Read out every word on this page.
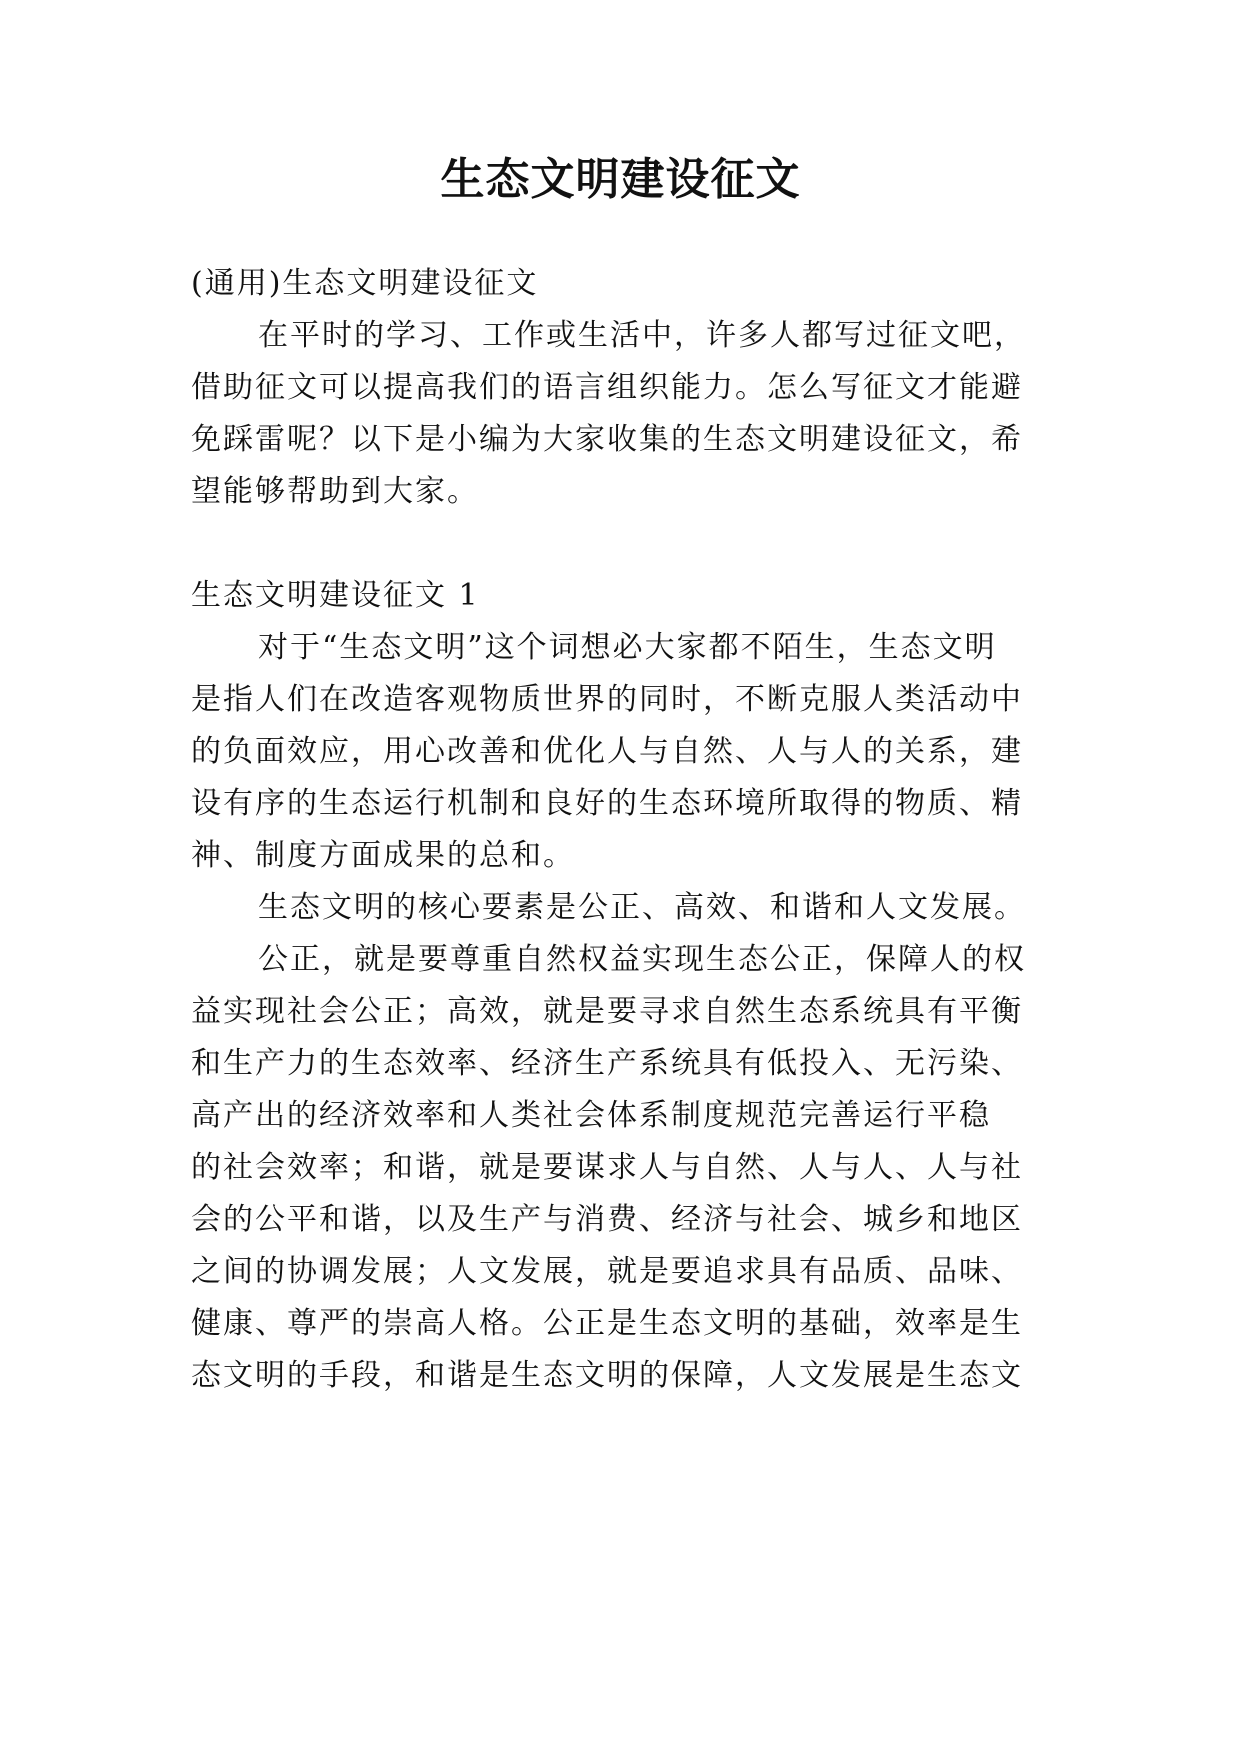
生态文明建设征文
(通用)生态文明建设征文
在平时的学习、工作或生活中，许多人都写过征文吧，
借助征文可以提高我们的语言组织能力。怎么写征文才能避
免踩雷呢？以下是小编为大家收集的生态文明建设征文，希
望能够帮助到大家。
生态文明建设征文 1
对于“生态文明”这个词想必大家都不陌生，生态文明
是指人们在改造客观物质世界的同时，不断克服人类活动中
的负面效应，用心改善和优化人与自然、人与人的关系，建
设有序的生态运行机制和良好的生态环境所取得的物质、精
神、制度方面成果的总和。
生态文明的核心要素是公正、高效、和谐和人文发展。
公正，就是要尊重自然权益实现生态公正，保障人的权
益实现社会公正；高效，就是要寻求自然生态系统具有平衡
和生产力的生态效率、经济生产系统具有低投入、无污染、
高产出的经济效率和人类社会体系制度规范完善运行平稳
的社会效率；和谐，就是要谋求人与自然、人与人、人与社
会的公平和谐，以及生产与消费、经济与社会、城乡和地区
之间的协调发展；人文发展，就是要追求具有品质、品味、
健康、尊严的崇高人格。公正是生态文明的基础，效率是生
态文明的手段，和谐是生态文明的保障，人文发展是生态文
